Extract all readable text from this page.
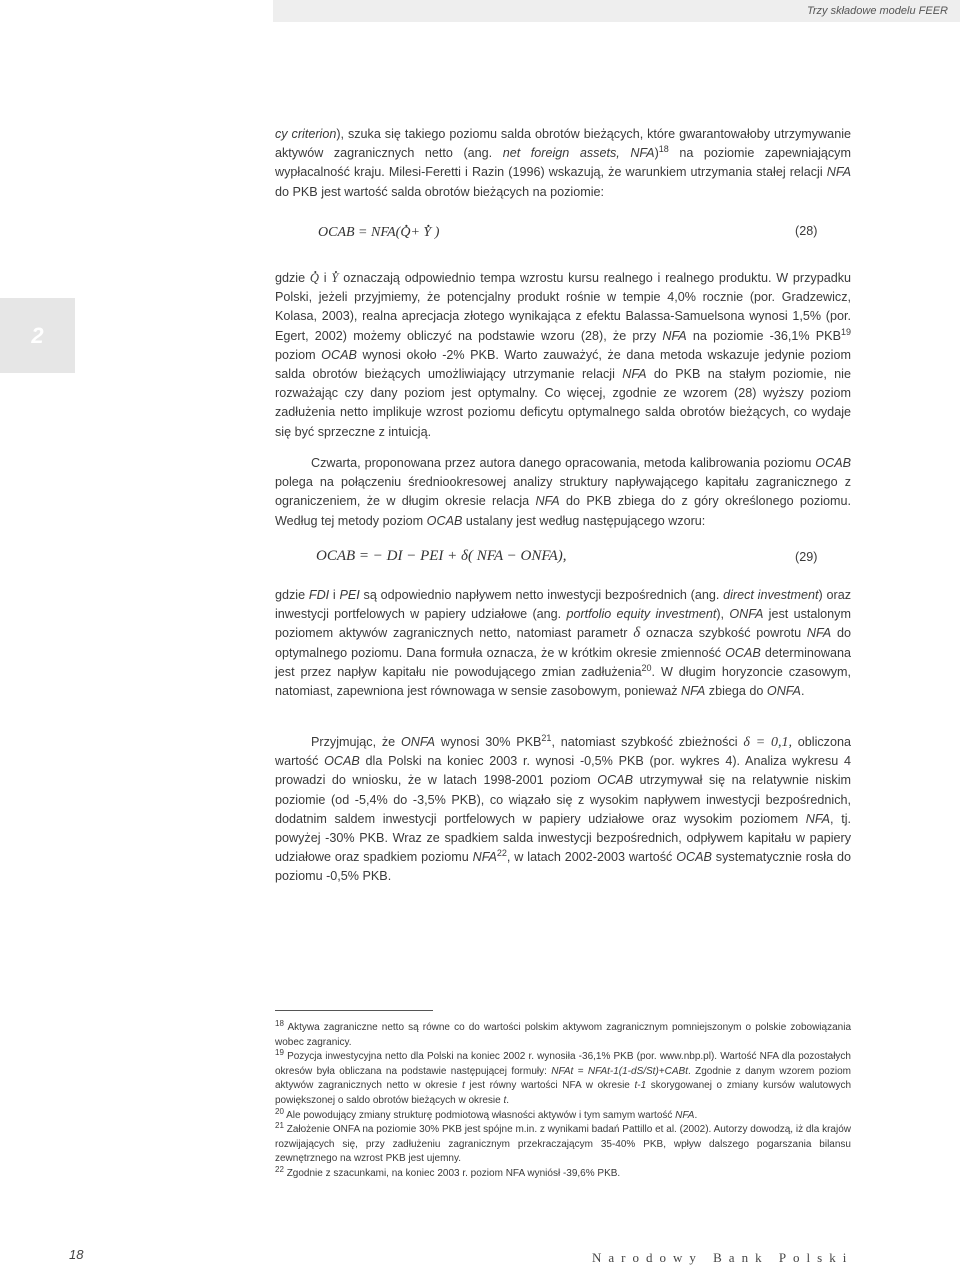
Trzy składowe modelu FEER
2

cy criterion), szuka się takiego poziomu salda obrotów bieżących, które gwarantowałoby utrzymywanie aktywów zagranicznych netto (ang. net foreign assets, NFA)$^{18}$ na poziomie zapewniającym wypłacalność kraju. Milesi-Feretti i Razin (1996) wskazują, że warunkiem utrzymania stałej relacji NFA do PKB jest wartość salda obrotów bieżących na poziomie:

OCAB = NFA(. Q+ . Y )	(28)

gdzie . Q i . Y oznaczają odpowiednio tempa wzrostu kursu realnego i realnego produktu. W przypadku Polski, jeżeli przyjmiemy, że potencjalny produkt rośnie w tempie 4,0% rocznie (por. Gradzewicz, Kolasa, 2003), realna aprecjacja złotego wynikająca z efektu Balassa-Samuelsona wynosi 1,5% (por. Egert, 2002) możemy obliczyć na podstawie wzoru (28), że przy NFA na poziomie -36,1% PKB$^{19}$ poziom OCAB wynosi około -2% PKB. Warto zauważyć, że dana metoda wskazuje jedynie poziom salda obrotów bieżących umożliwiający utrzymanie relacji NFA do PKB na stałym poziomie, nie rozważając czy dany poziom jest optymalny. Co więcej, zgodnie ze wzorem (28) wyższy poziom zadłużenia netto implikuje wzrost poziomu deficytu optymalnego salda obrotów bieżących, co wydaje się być sprzeczne z intuicją.

Czwarta, proponowana przez autora danego opracowania, metoda kalibrowania poziomu OCAB polega na połączeniu średniookresowej analizy struktury napływającego kapitału zagranicznego z ograniczeniem, że w długim okresie relacja NFA do PKB zbiega do z góry określonego poziomu. Według tej metody poziom OCAB ustalany jest według następującego wzoru:

OCAB = − DI − PEI + δ( NFA − ONFA),	(29)

gdzie FDI i PEI są odpowiednio napływem netto inwestycji bezpośrednich (ang. direct investment) oraz inwestycji portfelowych w papiery udziałowe (ang. portfolio equity investment), ONFA jest ustalonym poziomem aktywów zagranicznych netto, natomiast parametr δ oznacza szybkość powrotu NFA do optymalnego poziomu. Dana formuła oznacza, że w krótkim okresie zmienność OCAB determinowana jest przez napływ kapitału nie powodującego zmian zadłużenia$^{20}$. W długim horyzoncie czasowym, natomiast, zapewniona jest równowaga w sensie zasobowym, ponieważ NFA zbiega do ONFA.

Przyjmując, że ONFA wynosi 30% PKB$^{21}$, natomiast szybkość zbieżności δ = 0,1, obliczona wartość OCAB dla Polski na koniec 2003 r. wynosi -0,5% PKB (por. wykres 4). Analiza wykresu 4 prowadzi do wniosku, że w latach 1998-2001 poziom OCAB utrzymywał się na relatywnie niskim poziomie (od -5,4% do -3,5% PKB), co wiązało się z wysokim napływem inwestycji bezpośrednich, dodatnim saldem inwestycji portfelowych w papiery udziałowe oraz wysokim poziomem NFA, tj. powyżej -30% PKB. Wraz ze spadkiem salda inwestycji bezpośrednich, odpływem kapitału w papiery udziałowe oraz spadkiem poziomu NFA$^{22}$, w latach 2002-2003 wartość OCAB systematycznie rosła do poziomu -0,5% PKB.

$^{18}$ Aktywa zagraniczne netto są równe co do wartości polskim aktywom zagranicznym pomniejszonym o polskie zobowiązania wobec zagranicy.

$^{19}$ Pozycja inwestycyjna netto dla Polski na koniec 2002 r. wynosiła -36,1% PKB (por. www.nbp.pl). Wartość NFA dla pozostałych okresów była obliczana na podstawie następującej formuły: NFAt = NFAt-1(1-dS/St)+CABt. Zgodnie z danym wzorem poziom aktywów zagranicznych netto w okresie t jest równy wartości NFA w okresie t-1 skorygowanej o zmiany kursów walutowych powiększonej o saldo obrotów bieżących w okresie t.

$^{20}$ Ale powodujący zmiany strukturę podmiotową własności aktywów i tym samym wartość NFA.

$^{21}$ Założenie ONFA na poziomie 30% PKB jest spójne m.in. z wynikami badań Pattillo et al. (2002). Autorzy dowodzą, iż dla krajów rozwijających się, przy zadłużeniu zagranicznym przekraczającym 35-40% PKB, wpływ dalszego pogarszania bilansu zewnętrznego na wzrost PKB jest ujemny.

$^{22}$ Zgodnie z szacunkami, na koniec 2003 r. poziom NFA wyniósł -39,6% PKB.

18	Narodowy Bank Polski
